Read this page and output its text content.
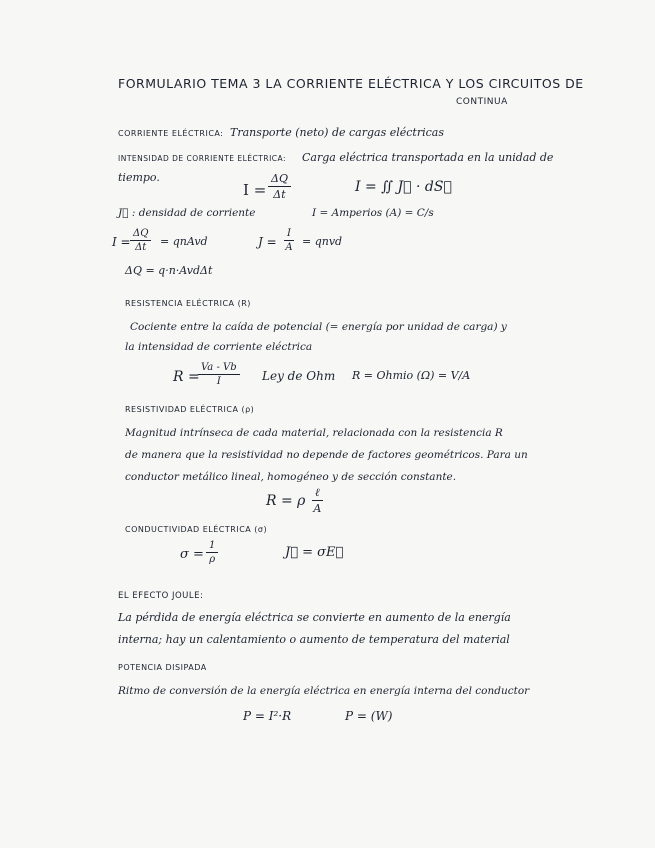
FORMULARIO TEMA 3 LA CORRIENTE ELÉCTRICA Y LOS CIRCUITOS DE
CONTINUA
CORRIENTE ELÉCTRICA: Transporte (neto) de cargas eléctricas
INTENSIDAD DE CORRIENTE ELÉCTRICA: Carga eléctrica transportada en la unidad de
tiempo.
$I = \frac{\Delta Q}{\Delta t}$	I = ∬ J⃗ · dS⃗
J⃗ : densidad de corriente	I = Amperios (A) = C/s
$I = \frac{\Delta Q}{\Delta t}$ = qnAvd	$J = \frac{I}{A}$ = qnvd
ΔQ = q·n·AvdΔt
RESISTENCIA ELÉCTRICA (R)
Cociente entre la caída de potencial (= energía por unidad de carga) y
la intensidad de corriente eléctrica
R =
$\frac{Va - Vb}{I}$ Ley de Ohm R = Ohmio (Ω) = V/A
RESISTIVIDAD ELÉCTRICA (ρ)
Magnitud intrínseca de cada material, relacionada con la resistencia R
de manera que la resistividad no depende de factores geométricos. Para un
conductor metálico lineal, homogéneo y de sección constante.
R = ρ
ℓ
A
CONDUCTIVIDAD ELÉCTRICA (σ)
$\sigma = \frac{1}{\rho}$	J⃗ = σE⃗
EL EFECTO JOULE:
La pérdida de energía eléctrica se convierte en aumento de la energía
interna; hay un calentamiento o aumento de temperatura del material
POTENCIA DISIPADA
Ritmo de conversión de la energía eléctrica en energía interna del conductor
P = I²·R	P = (W)
